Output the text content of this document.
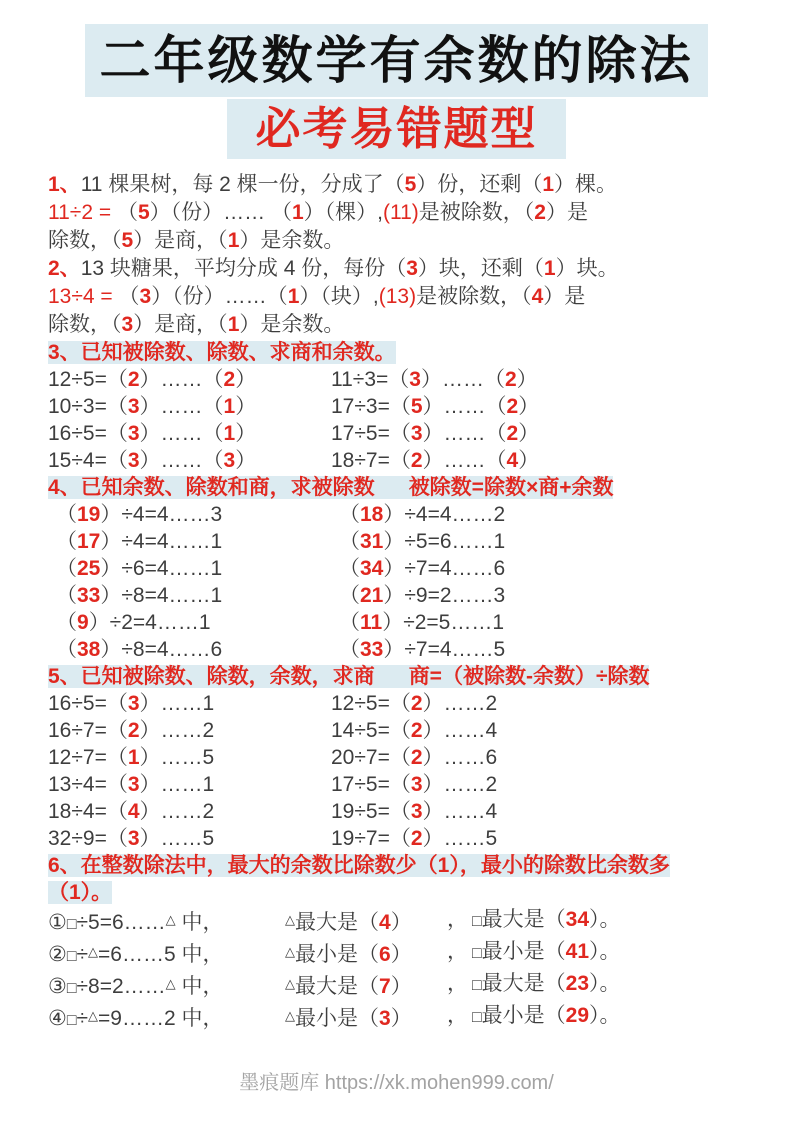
二年级数学有余数的除法
必考易错题型
1、11 棵果树，每 2 棵一份，分成了（5）份，还剩（1）棵。
11÷2 = （5）（份）…… （1）（棵）,(11)是被除数，（2）是
除数，（5）是商，（1）是余数。
2、13 块糖果，平均分成 4 份，每份（3）块，还剩（1）块。
13÷4 = （3）（份）……（1）（块）,(13)是被除数，（4）是
除数，（3）是商，（1）是余数。
3、已知被除数、除数、求商和余数。
12÷5=（2）……（2）	11÷3=（3）……（2）
10÷3=（3）……（1）	17÷3=（5）……（2）
16÷5=（3）……（1）	17÷5=（3）……（2）
15÷4=（3）……（3）	18÷7=（2）……（4）
4、已知余数、除数和商，求被除数 被除数=除数×商+余数
（19）÷4=4……3	（18）÷4=4……2
（17）÷4=4……1	（31）÷5=6……1
（25）÷6=4……1	（34）÷7=4……6
（33）÷8=4……1	（21）÷9=2……3
（9）÷2=4……1	（11）÷2=5……1
（38）÷8=4……6	（33）÷7=4……5
5、已知被除数、除数，余数，求商 商=（被除数-余数）÷除数
16÷5=（3）……1	12÷5=（2）……2
16÷7=（2）……2	14÷5=（2）……4
12÷7=（1）……5	20÷7=（2）……6
13÷4=（3）……1	17÷5=（3）……2
18÷4=（4）……2	19÷5=（3）……4
32÷9=（3）……5	19÷7=（2）……5
6、在整数除法中，最大的余数比除数少（1），最小的除数比余数多
（1）。
①□÷5=6……△ 中，	△最大是（4） ， □最大是（34）。
②□÷△=6……5 中，	△最小是（6） ， □最小是（41）。
③□÷8=2……△ 中，	△最大是（7） ， □最大是（23）。
④□÷△=9……2 中，	△最小是（3） ， □最小是（29）。
墨痕题库 https://xk.mohen999.com/
